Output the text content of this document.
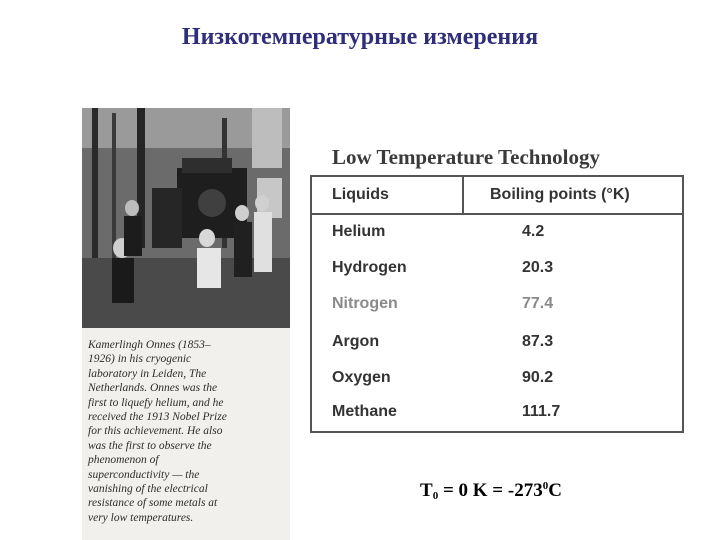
Низкотемпературные измерения
Kamerlingh Onnes (1853–
1926) in his cryogenic
laboratory in Leiden, The
Netherlands. Onnes was the
first to liquefy helium, and he
received the 1913 Nobel Prize
for this achievement. He also
was the first to observe the
phenomenon of
superconductivity — the
vanishing of the electrical
resistance of some metals at
very low temperatures.
Low Temperature Technology
Liquids	Boiling points (°K)
Helium	4.2
Hydrogen	20.3
Nitrogen	77.4
Argon	87.3
Oxygen	90.2
Methane	111.7
$T_0 = 0$ $K = -273^0C$
